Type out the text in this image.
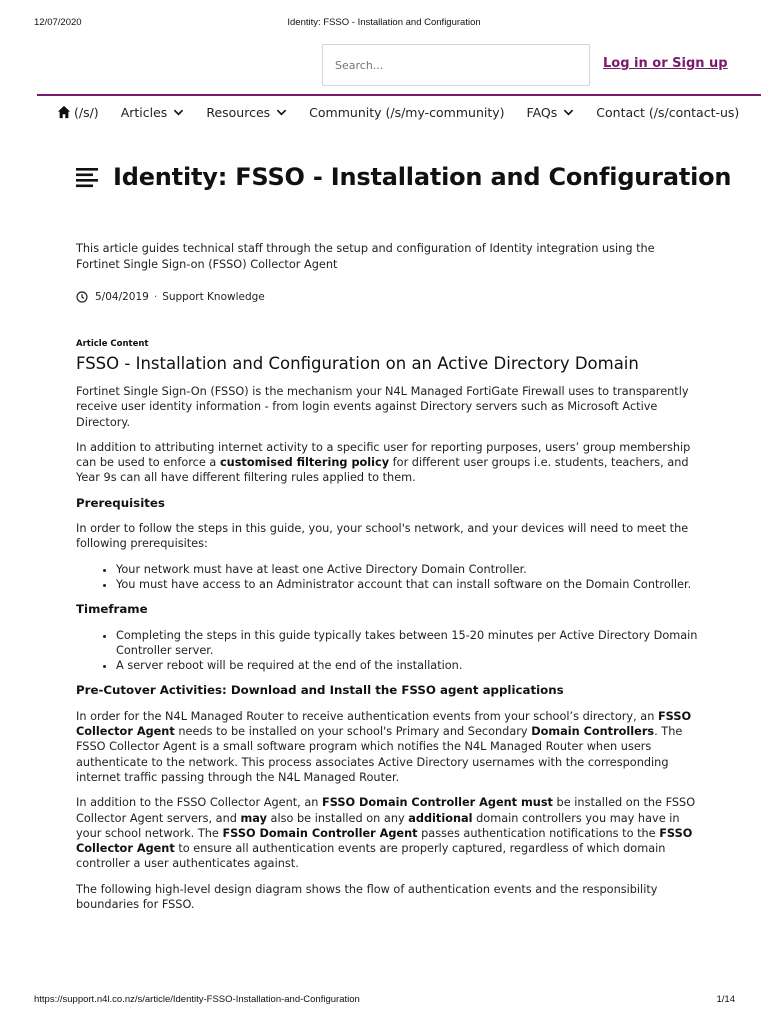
12/07/2020	Identity: FSSO - Installation and Configuration
Search...
Log in or Sign up
(/s/) Articles	Resources	Community (/s/my-community) FAQs	Contact (/s/contact-us)
Identity: FSSO - Installation and Configuration

This article guides technical staff through the setup and configuration of Identity integration using the Fortinet Single Sign-on (FSSO) Collector Agent

5/04/2019 · Support Knowledge
Article Content
FSSO - Installation and Configuration on an Active Directory Domain

Fortinet Single Sign-On (FSSO) is the mechanism your N4L Managed FortiGate Firewall uses to transparently receive user identity information - from login events against Directory servers such as Microsoft Active Directory.

In addition to attributing internet activity to a specific user for reporting purposes, users’ group membership can be used to enforce a customised filtering policy for different user groups i.e. students, teachers, and Year 9s can all have different filtering rules applied to them.

Prerequisites

In order to follow the steps in this guide, you, your school's network, and your devices will need to meet the following prerequisites:

• Your network must have at least one Active Directory Domain Controller.
• You must have access to an Administrator account that can install software on the Domain Controller.
Timeframe
• Completing the steps in this guide typically takes between 15-20 minutes per Active Directory Domain Controller server.
• A server reboot will be required at the end of the installation.
Pre-Cutover Activities: Download and Install the FSSO agent applications

In order for the N4L Managed Router to receive authentication events from your school’s directory, an FSSO Collector Agent needs to be installed on your school's Primary and Secondary Domain Controllers. The FSSO Collector Agent is a small software program which notifies the N4L Managed Router when users authenticate to the network. This process associates Active Directory usernames with the corresponding internet traffic passing through the N4L Managed Router.

In addition to the FSSO Collector Agent, an FSSO Domain Controller Agent must be installed on the FSSO Collector Agent servers, and may also be installed on any additional domain controllers you may have in your school network. The FSSO Domain Controller Agent passes authentication notifications to the FSSO Collector Agent to ensure all authentication events are properly captured, regardless of which domain controller a user authenticates against.

The following high-level design diagram shows the flow of authentication events and the responsibility boundaries for FSSO.

https://support.n4l.co.nz/s/article/Identity-FSSO-Installation-and-Configuration	1/14
